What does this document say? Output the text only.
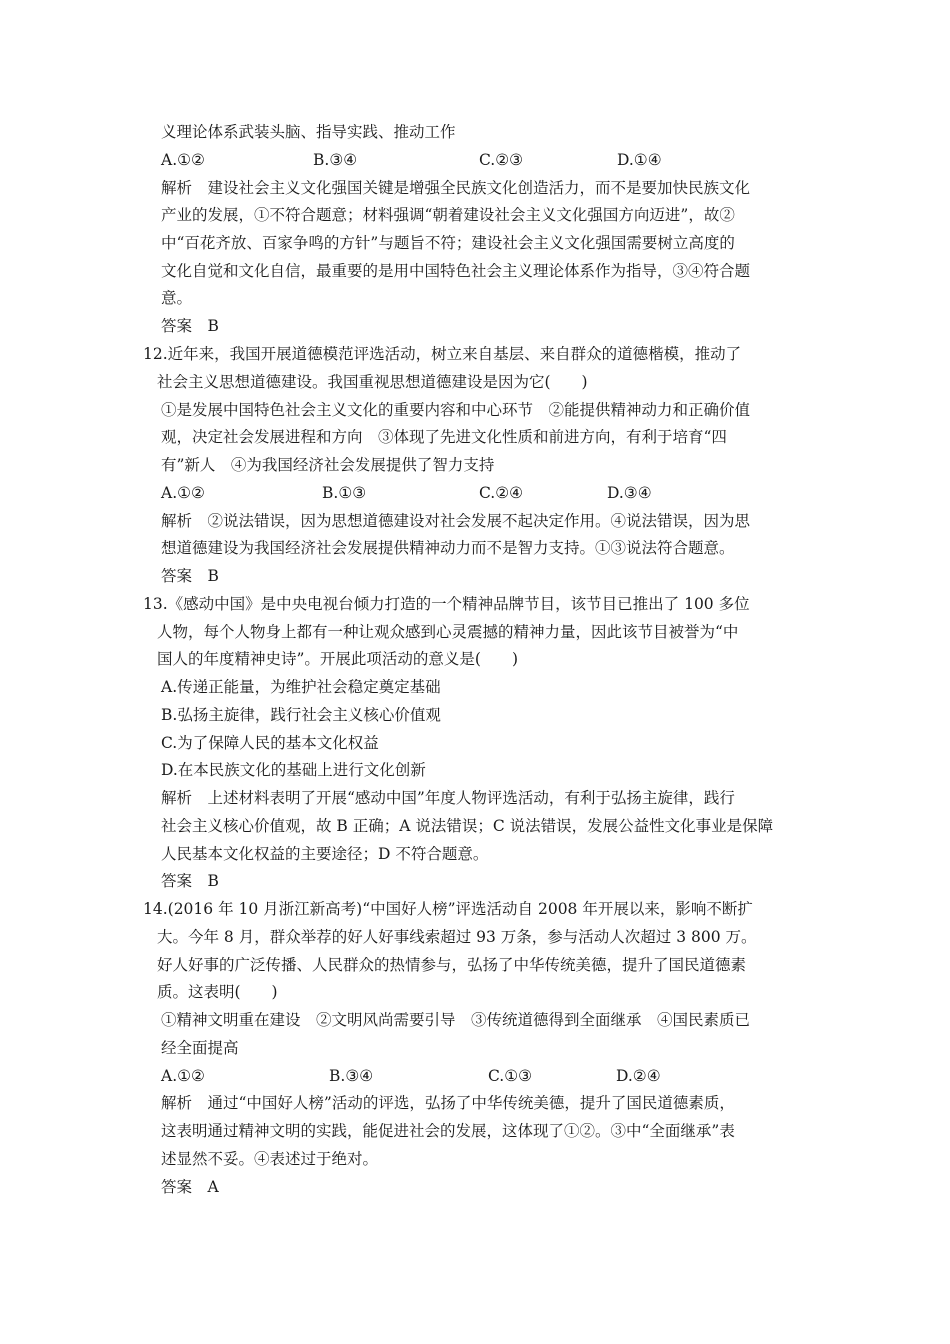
义理论体系武装头脑、指导实践、推动工作
A.①②	B.③④	C.②③	D.①④
解析　建设社会主义文化强国关键是增强全民族文化创造活力，而不是要加快民族文化
产业的发展，①不符合题意；材料强调“朝着建设社会主义文化强国方向迈进”，故②
中“百花齐放、百家争鸣的方针”与题旨不符；建设社会主义文化强国需要树立高度的
文化自觉和文化自信，最重要的是用中国特色社会主义理论体系作为指导，③④符合题
意。
答案　B
12.近年来，我国开展道德模范评选活动，树立来自基层、来自群众的道德楷模，推动了
社会主义思想道德建设。我国重视思想道德建设是因为它(　　)
①是发展中国特色社会主义文化的重要内容和中心环节　②能提供精神动力和正确价值
观，决定社会发展进程和方向　③体现了先进文化性质和前进方向，有利于培育“四
有”新人　④为我国经济社会发展提供了智力支持
A.①②	B.①③	C.②④	D.③④
解析　②说法错误，因为思想道德建设对社会发展不起决定作用。④说法错误，因为思
想道德建设为我国经济社会发展提供精神动力而不是智力支持。①③说法符合题意。
答案　B
13.《感动中国》是中央电视台倾力打造的一个精神品牌节目，该节目已推出了 100 多位
人物，每个人物身上都有一种让观众感到心灵震撼的精神力量，因此该节目被誉为“中
国人的年度精神史诗”。开展此项活动的意义是(　　)
A.传递正能量，为维护社会稳定奠定基础
B.弘扬主旋律，践行社会主义核心价值观
C.为了保障人民的基本文化权益
D.在本民族文化的基础上进行文化创新
解析　上述材料表明了开展“感动中国”年度人物评选活动，有利于弘扬主旋律，践行
社会主义核心价值观，故 B 正确；A 说法错误；C 说法错误，发展公益性文化事业是保障
人民基本文化权益的主要途径；D 不符合题意。
答案　B
14.(2016 年 10 月浙江新高考)“中国好人榜”评选活动自 2008 年开展以来，影响不断扩
大。今年 8 月，群众举荐的好人好事线索超过 93 万条，参与活动人次超过 3 800 万。
好人好事的广泛传播、人民群众的热情参与，弘扬了中华传统美德，提升了国民道德素
质。这表明(　　)
①精神文明重在建设　②文明风尚需要引导　③传统道德得到全面继承　④国民素质已
经全面提高
A.①②	B.③④	C.①③	D.②④
解析　通过“中国好人榜”活动的评选，弘扬了中华传统美德，提升了国民道德素质，
这表明通过精神文明的实践，能促进社会的发展，这体现了①②。③中“全面继承”表
述显然不妥。④表述过于绝对。
答案　A
